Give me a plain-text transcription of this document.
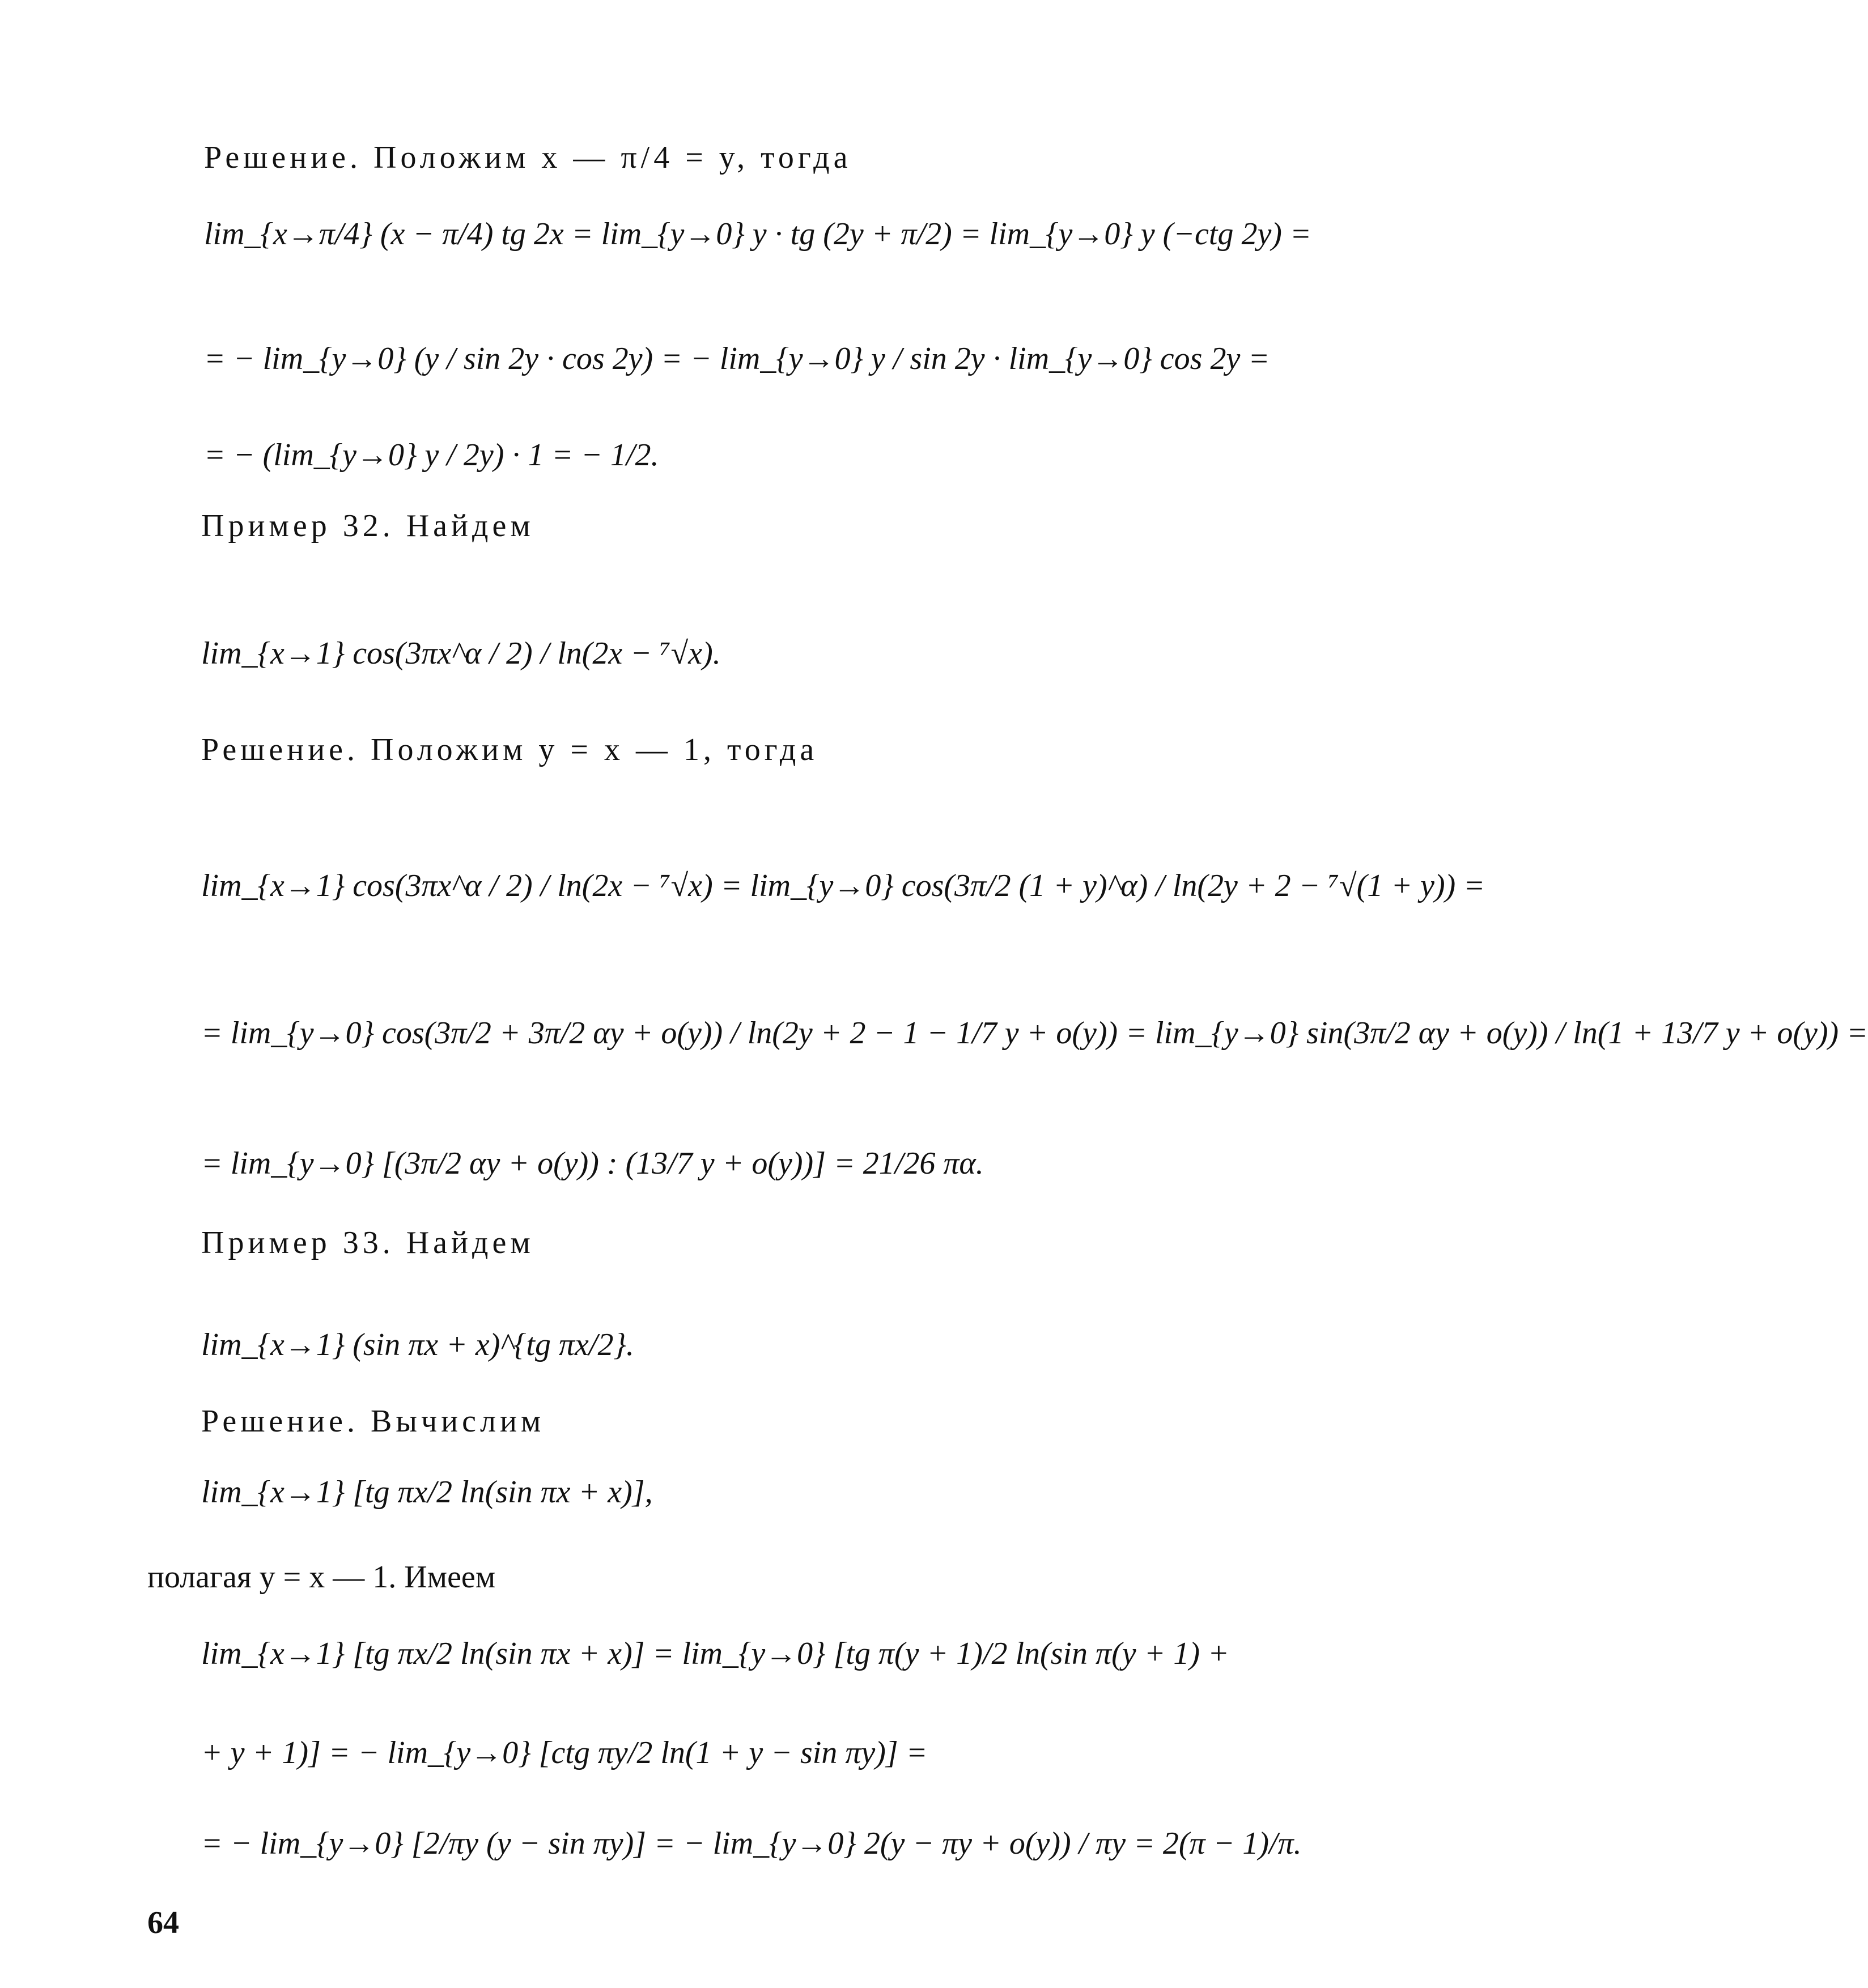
Решение. Положим x — π/4 = y, тогда
lim_{x→π/4} (x − π/4) tg 2x = lim_{y→0} y · tg (2y + π/2) = lim_{y→0} y (−ctg 2y) =
= − lim_{y→0} (y / sin 2y · cos 2y) = − lim_{y→0} y / sin 2y · lim_{y→0} cos 2y =
= − (lim_{y→0} y / 2y) · 1 = − 1/2.
Пример 32. Найдем
lim_{x→1} cos(3πx^α / 2) / ln(2x − ⁷√x).
Решение. Положим y = x — 1, тогда
lim_{x→1} cos(3πx^α / 2) / ln(2x − ⁷√x) = lim_{y→0} cos(3π/2 (1 + y)^α) / ln(2y + 2 − ⁷√(1 + y)) =
= lim_{y→0} cos(3π/2 + 3π/2 αy + o(y)) / ln(2y + 2 − 1 − 1/7 y + o(y)) = lim_{y→0} sin(3π/2 αy + o(y)) / ln(1 + 13/7 y + o(y)) =
= lim_{y→0} [(3π/2 αy + o(y)) : (13/7 y + o(y))] = 21/26 πα.
Пример 33. Найдем
lim_{x→1} (sin πx + x)^{tg πx/2}.
Решение. Вычислим
lim_{x→1} [tg πx/2 ln(sin πx + x)],
полагая y = x — 1. Имеем
lim_{x→1} [tg πx/2 ln(sin πx + x)] = lim_{y→0} [tg π(y + 1)/2 ln(sin π(y + 1) +
+ y + 1)] = − lim_{y→0} [ctg πy/2 ln(1 + y − sin πy)] =
= − lim_{y→0} [2/πy (y − sin πy)] = − lim_{y→0} 2(y − πy + o(y)) / πy = 2(π − 1)/π.
64
